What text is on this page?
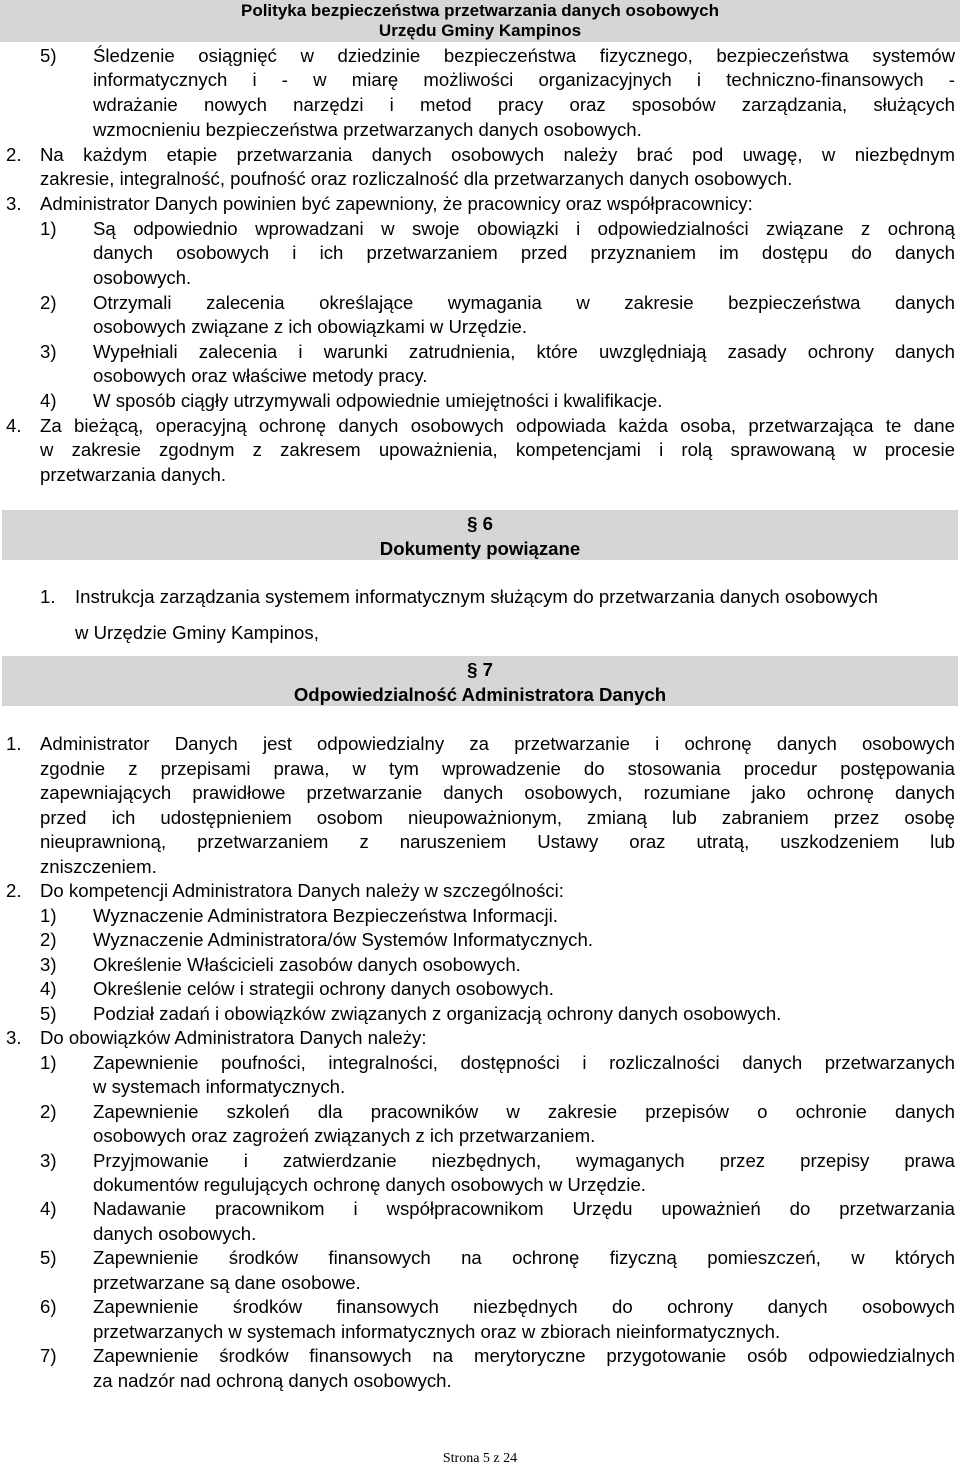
Polityka bezpieczeństwa przetwarzania danych osobowych
Urzędu Gminy Kampinos
5) Śledzenie osiągnięć w dziedzinie bezpieczeństwa fizycznego, bezpieczeństwa systemów
informatycznych i - w miarę możliwości organizacyjnych i techniczno-finansowych -
wdrażanie nowych narzędzi i metod pracy oraz sposobów zarządzania, służących
wzmocnieniu bezpieczeństwa przetwarzanych danych osobowych.
2. Na każdym etapie przetwarzania danych osobowych należy brać pod uwagę, w niezbędnym
zakresie, integralność, poufność oraz rozliczalność dla przetwarzanych danych osobowych.
3. Administrator Danych powinien być zapewniony, że pracownicy oraz współpracownicy:
1) Są odpowiednio wprowadzani w swoje obowiązki i odpowiedzialności związane z ochroną
danych osobowych i ich przetwarzaniem przed przyznaniem im dostępu do danych
osobowych.
2) Otrzymali zalecenia określające wymagania w zakresie bezpieczeństwa danych
osobowych związane z ich obowiązkami w Urzędzie.
3) Wypełniali zalecenia i warunki zatrudnienia, które uwzględniają zasady ochrony danych
osobowych oraz właściwe metody pracy.
4) W sposób ciągły utrzymywali odpowiednie umiejętności i kwalifikacje.
4. Za bieżącą, operacyjną ochronę danych osobowych odpowiada każda osoba, przetwarzająca te dane
w zakresie zgodnym z zakresem upoważnienia, kompetencjami i rolą sprawowaną w procesie
przetwarzania danych.
§ 6
Dokumenty powiązane
1. Instrukcja zarządzania systemem informatycznym służącym do przetwarzania danych osobowych
w Urzędzie Gminy Kampinos,
§ 7
Odpowiedzialność Administratora Danych
1. Administrator Danych jest odpowiedzialny za przetwarzanie i ochronę danych osobowych
zgodnie z przepisami prawa, w tym wprowadzenie do stosowania procedur postępowania
zapewniających prawidłowe przetwarzanie danych osobowych, rozumiane jako ochronę danych
przed ich udostępnieniem osobom nieupoważnionym, zmianą lub zabraniem przez osobę
nieuprawnioną, przetwarzaniem z naruszeniem Ustawy oraz utratą, uszkodzeniem lub
zniszczeniem.
2. Do kompetencji Administratora Danych należy w szczególności:
1) Wyznaczenie Administratora Bezpieczeństwa Informacji.
2) Wyznaczenie Administratora/ów Systemów Informatycznych.
3) Określenie Właścicieli zasobów danych osobowych.
4) Określenie celów i strategii ochrony danych osobowych.
5) Podział zadań i obowiązków związanych z organizacją ochrony danych osobowych.
3. Do obowiązków Administratora Danych należy:
1) Zapewnienie poufności, integralności, dostępności i rozliczalności danych przetwarzanych
w systemach informatycznych.
2) Zapewnienie szkoleń dla pracowników w zakresie przepisów o ochronie danych
osobowych oraz zagrożeń związanych z ich przetwarzaniem.
3) Przyjmowanie i zatwierdzanie niezbędnych, wymaganych przez przepisy prawa
dokumentów regulujących ochronę danych osobowych w Urzędzie.
4) Nadawanie pracownikom i współpracownikom Urzędu upoważnień do przetwarzania
danych osobowych.
5) Zapewnienie środków finansowych na ochronę fizyczną pomieszczeń, w których
przetwarzane są dane osobowe.
6) Zapewnienie środków finansowych niezbędnych do ochrony danych osobowych
przetwarzanych w systemach informatycznych oraz w zbiorach nieinformatycznych.
7) Zapewnienie środków finansowych na merytoryczne przygotowanie osób odpowiedzialnych
za nadzór nad ochroną danych osobowych.
Strona 5 z 24
